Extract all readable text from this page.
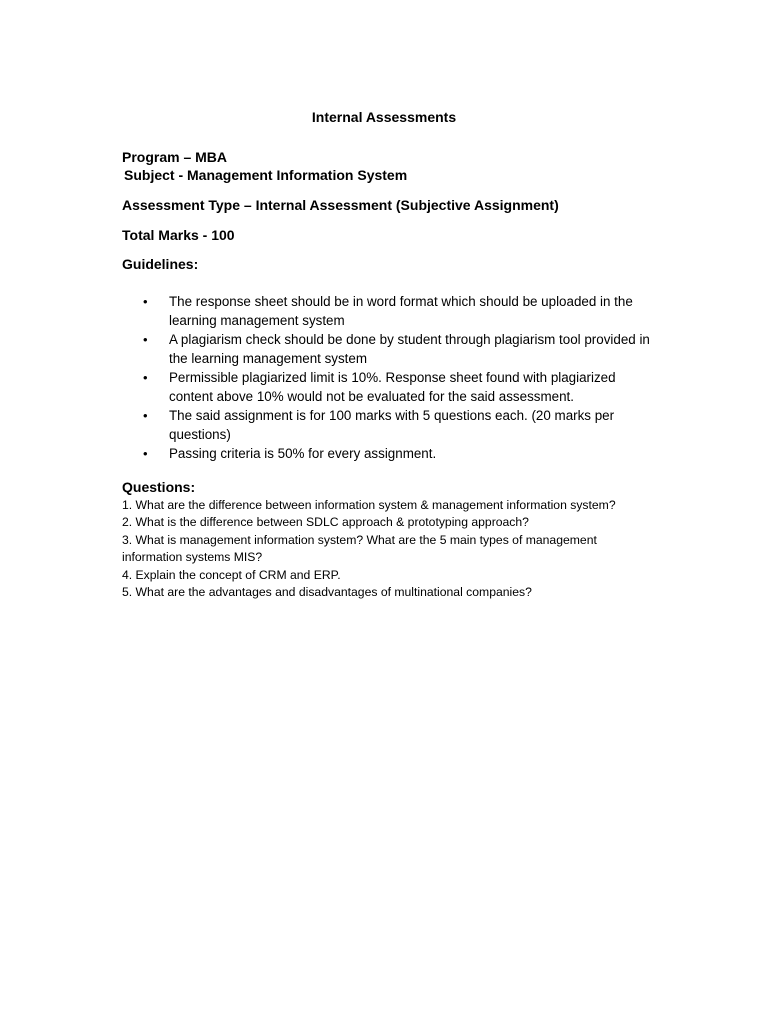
Internal Assessments
Program – MBA
Subject - Management Information System
Assessment Type – Internal Assessment (Subjective Assignment)
Total Marks - 100
Guidelines:
• The response sheet should be in word format which should be uploaded in the learning management system
• A plagiarism check should be done by student through plagiarism tool provided in the learning management system
• Permissible plagiarized limit is 10%. Response sheet found with plagiarized content above 10% would not be evaluated for the said assessment.
• The said assignment is for 100 marks with 5 questions each. (20 marks per questions)
• Passing criteria is 50% for every assignment.
Questions:
1. What are the difference between information system & management information system?
2. What is the difference between SDLC approach & prototyping approach?
3. What is management information system? What are the 5 main types of management information systems MIS?
4. Explain the concept of CRM and ERP.
5. What are the advantages and disadvantages of multinational companies?
